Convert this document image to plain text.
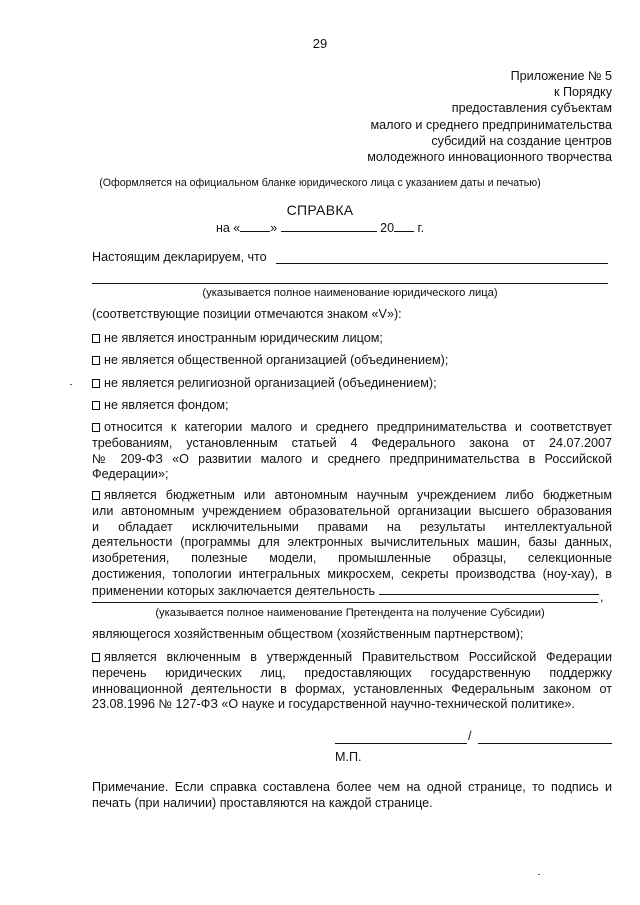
29
Приложение № 5
к Порядку
предоставления субъектам
малого и среднего предпринимательства
субсидий на создание центров
молодежного инновационного творчества
(Оформляется на официальном бланке юридического лица с указанием даты и печатью)
СПРАВКА
на « »	20 г.
Настоящим декларируем, что
(указывается полное наименование юридического лица)
(соответствующие позиции отмечаются знаком «V»):
не является иностранным юридическим лицом;
не является общественной организацией (объединением);
не является религиозной организацией (объединением);
не является фондом;
относится к категории малого и среднего предпринимательства и соответствует
требованиям, установленным статьей 4 Федерального закона от 24.07.2007
№ 209-ФЗ «О развитии малого и среднего предпринимательства в Российской
Федерации»;
является бюджетным или автономным научным учреждением либо бюджетным
или автономным учреждением образовательной организации высшего образования
и обладает исключительными правами на результаты интеллектуальной
деятельности (программы для электронных вычислительных машин, базы данных,
изобретения, полезные модели, промышленные образцы, селекционные
достижения, топологии интегральных микросхем, секреты производства (ноу-хау), в
применении которых заключается деятельность	,
(указывается полное наименование Претендента на получение Субсидии)
являющегося хозяйственным обществом (хозяйственным партнерством);
является включенным в утвержденный Правительством Российской Федерации
перечень юридических лиц, предоставляющих государственную поддержку
инновационной деятельности в формах, установленных Федеральным законом от
23.08.1996 № 127-ФЗ «О науке и государственной научно-технической политике».
/
М.П.
Примечание. Если справка составлена более чем на одной странице, то подпись и
печать (при наличии) проставляются на каждой странице.
